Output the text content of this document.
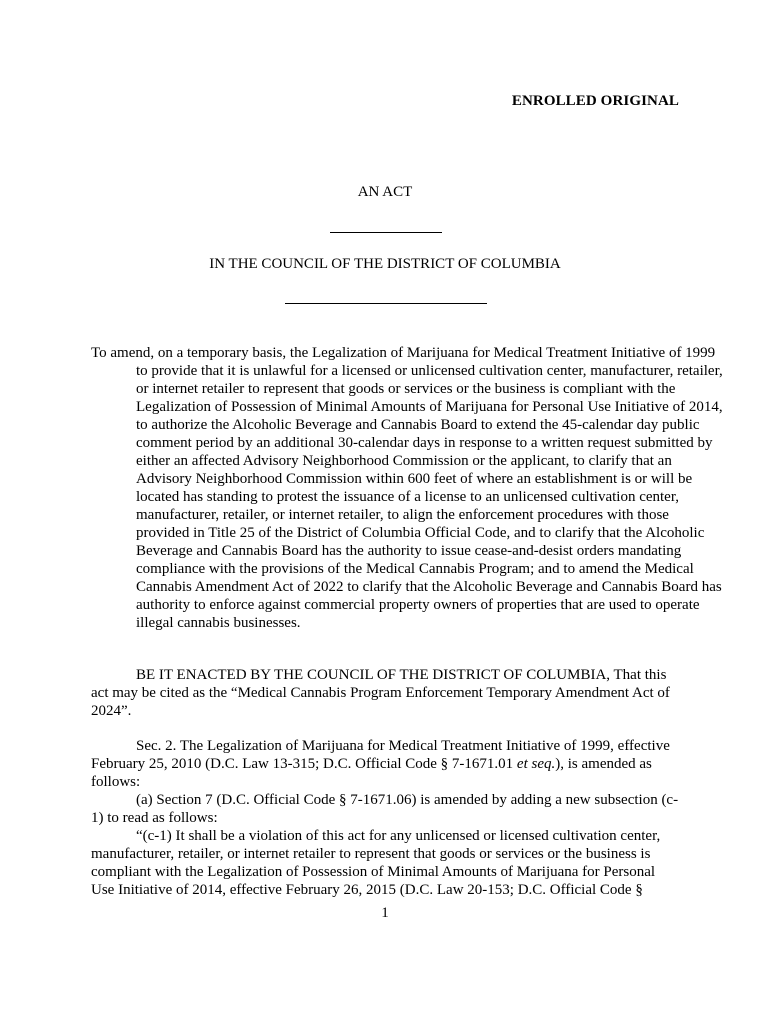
ENROLLED ORIGINAL
AN ACT
IN THE COUNCIL OF THE DISTRICT OF COLUMBIA
To amend, on a temporary basis, the Legalization of Marijuana for Medical Treatment Initiative of 1999 to provide that it is unlawful for a licensed or unlicensed cultivation center, manufacturer, retailer, or internet retailer to represent that goods or services or the business is compliant with the Legalization of Possession of Minimal Amounts of Marijuana for Personal Use Initiative of 2014, to authorize the Alcoholic Beverage and Cannabis Board to extend the 45-calendar day public comment period by an additional 30-calendar days in response to a written request submitted by either an affected Advisory Neighborhood Commission or the applicant, to clarify that an Advisory Neighborhood Commission within 600 feet of where an establishment is or will be located has standing to protest the issuance of a license to an unlicensed cultivation center, manufacturer, retailer, or internet retailer, to align the enforcement procedures with those provided in Title 25 of the District of Columbia Official Code, and to clarify that the Alcoholic Beverage and Cannabis Board has the authority to issue cease-and-desist orders mandating compliance with the provisions of the Medical Cannabis Program; and to amend the Medical Cannabis Amendment Act of 2022 to clarify that the Alcoholic Beverage and Cannabis Board has authority to enforce against commercial property owners of properties that are used to operate illegal cannabis businesses.
BE IT ENACTED BY THE COUNCIL OF THE DISTRICT OF COLUMBIA, That this act may be cited as the “Medical Cannabis Program Enforcement Temporary Amendment Act of 2024”.
Sec. 2. The Legalization of Marijuana for Medical Treatment Initiative of 1999, effective February 25, 2010 (D.C. Law 13-315; D.C. Official Code § 7-1671.01 et seq.), is amended as follows:
(a) Section 7 (D.C. Official Code § 7-1671.06) is amended by adding a new subsection (c-1) to read as follows:
“(c-1) It shall be a violation of this act for any unlicensed or licensed cultivation center, manufacturer, retailer, or internet retailer to represent that goods or services or the business is compliant with the Legalization of Possession of Minimal Amounts of Marijuana for Personal Use Initiative of 2014, effective February 26, 2015 (D.C. Law 20-153; D.C. Official Code §
1
